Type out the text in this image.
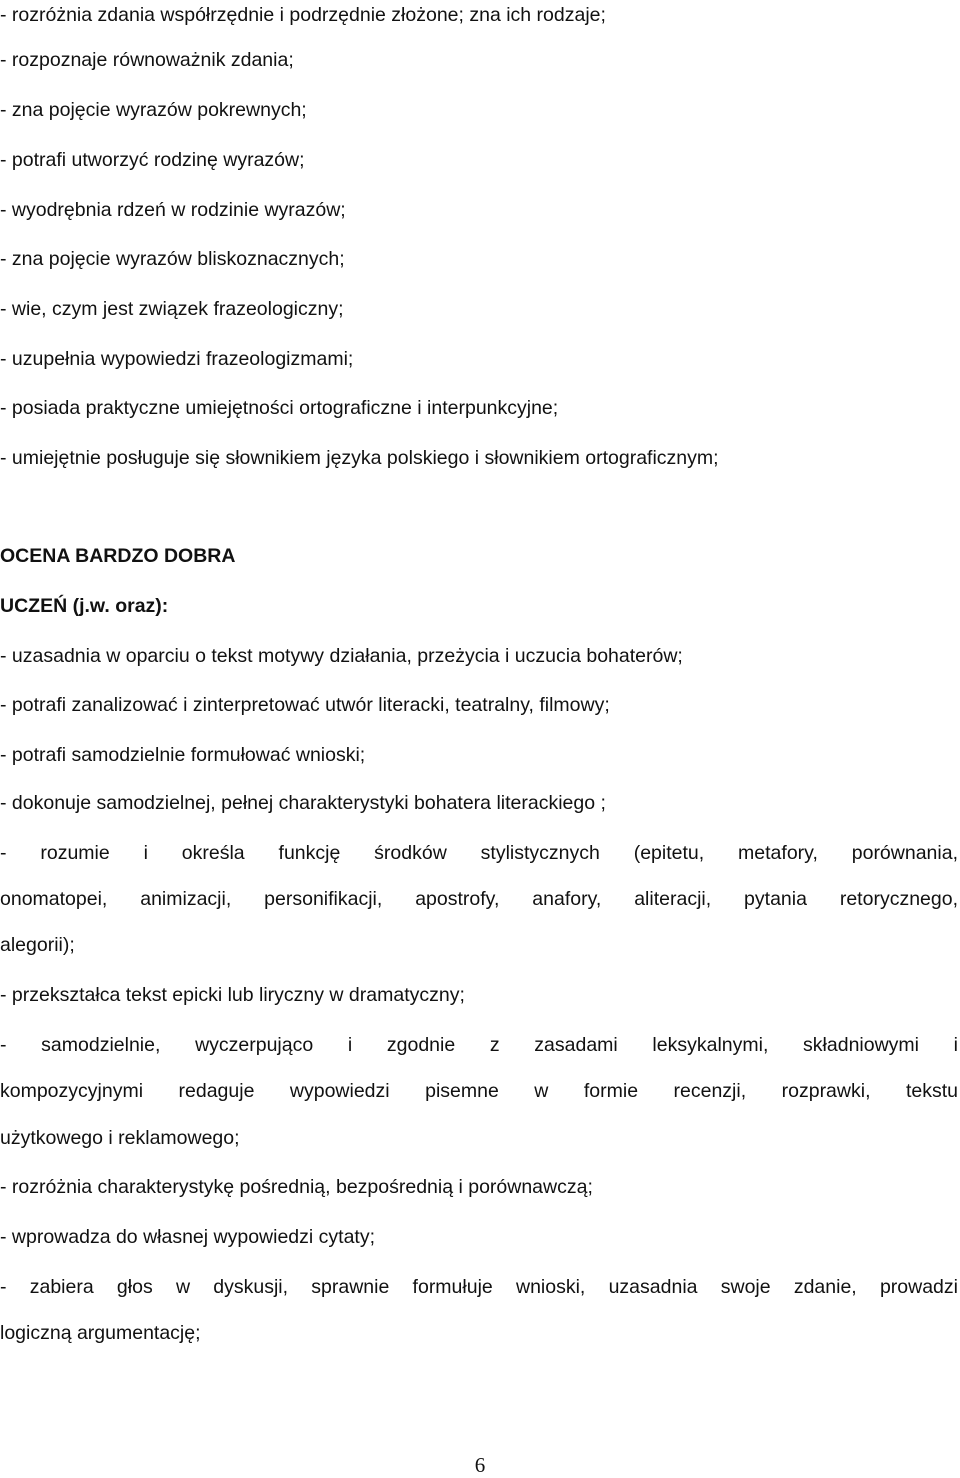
- rozróżnia zdania współrzędnie i podrzędnie złożone; zna ich rodzaje;
- rozpoznaje równoważnik zdania;
- zna pojęcie wyrazów pokrewnych;
- potrafi utworzyć rodzinę wyrazów;
- wyodrębnia rdzeń w rodzinie wyrazów;
- zna pojęcie wyrazów bliskoznacznych;
- wie, czym jest związek frazeologiczny;
- uzupełnia wypowiedzi frazeologizmami;
- posiada praktyczne umiejętności ortograficzne i interpunkcyjne;
- umiejętnie posługuje się słownikiem języka polskiego i słownikiem ortograficznym;
OCENA BARDZO DOBRA
UCZEŃ (j.w. oraz):
- uzasadnia w oparciu o tekst motywy działania, przeżycia i uczucia bohaterów;
- potrafi zanalizować i zinterpretować utwór literacki, teatralny, filmowy;
- potrafi samodzielnie formułować wnioski;
- dokonuje samodzielnej, pełnej charakterystyki bohatera literackiego ;
- rozumie i określa funkcję środków stylistycznych (epitetu, metafory, porównania,
onomatopei, animizacji, personifikacji, apostrofy, anafory, aliteracji, pytania retorycznego,
alegorii);
- przekształca tekst epicki lub liryczny w dramatyczny;
- samodzielnie, wyczerpująco i zgodnie z zasadami leksykalnymi, składniowymi i
kompozycyjnymi redaguje wypowiedzi pisemne w formie recenzji, rozprawki, tekstu
użytkowego i reklamowego;
- rozróżnia charakterystykę pośrednią, bezpośrednią i porównawczą;
- wprowadza do własnej wypowiedzi cytaty;
- zabiera głos w dyskusji, sprawnie formułuje wnioski, uzasadnia swoje zdanie, prowadzi
logiczną argumentację;
6
